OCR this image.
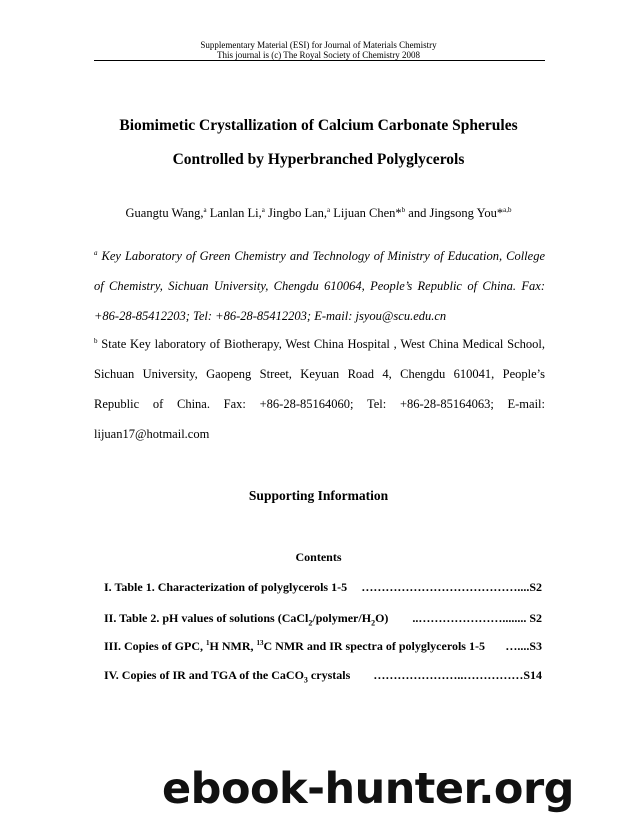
Supplementary Material (ESI) for Journal of Materials Chemistry
This journal is (c) The Royal Society of Chemistry 2008
Biomimetic Crystallization of Calcium Carbonate Spherules
Controlled by Hyperbranched Polyglycerols
Guangtu Wang,$^a$ Lanlan Li,$^a$ Jingbo Lan,$^a$ Lijuan Chen*$^b$ and Jingsong You*$^{a,b}$
$^a$ Key Laboratory of Green Chemistry and Technology of Ministry of Education, College
of Chemistry, Sichuan University, Chengdu 610064, People’s Republic of China. Fax:
+86-28-85412203; Tel: +86-28-85412203; E-mail: jsyou@scu.edu.cn
$^b$ State Key laboratory of Biotherapy, West China Hospital , West China Medical School,
Sichuan University, Gaopeng Street, Keyuan Road 4, Chengdu 610041, People’s
Republic of China. Fax: +86-28-85164060; Tel: +86-28-85164063; E-mail:
lijuan17@hotmail.com
Supporting Information
Contents
I. Table 1. Characterization of polyglycerols 1-5 …………………………………....S2
II. Table 2. pH values of solutions $(CaCl_2/polymer/H_2O)$ ..…………………........ S2
III. Copies of GPC, $^1$H NMR, $^{13}$C NMR and IR spectra of polyglycerols 1-5 …....S3
IV. Copies of IR and TGA of the CaCO$_3$ crystals …………………..……………S14
ebook-hunter.org
